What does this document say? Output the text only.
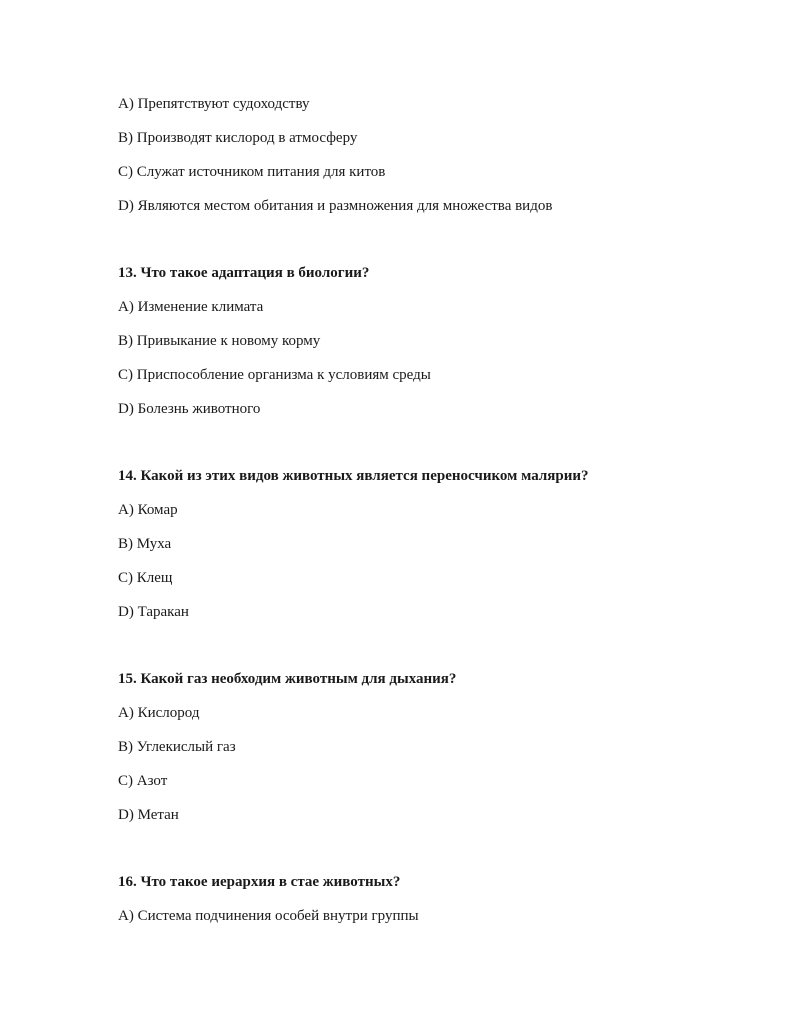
A) Препятствуют судоходству
B) Производят кислород в атмосферу
C) Служат источником питания для китов
D) Являются местом обитания и размножения для множества видов
13. Что такое адаптация в биологии?
A) Изменение климата
B) Привыкание к новому корму
C) Приспособление организма к условиям среды
D) Болезнь животного
14. Какой из этих видов животных является переносчиком малярии?
A) Комар
B) Муха
C) Клещ
D) Таракан
15. Какой газ необходим животным для дыхания?
A) Кислород
B) Углекислый газ
C) Азот
D) Метан
16. Что такое иерархия в стае животных?
A) Система подчинения особей внутри группы
